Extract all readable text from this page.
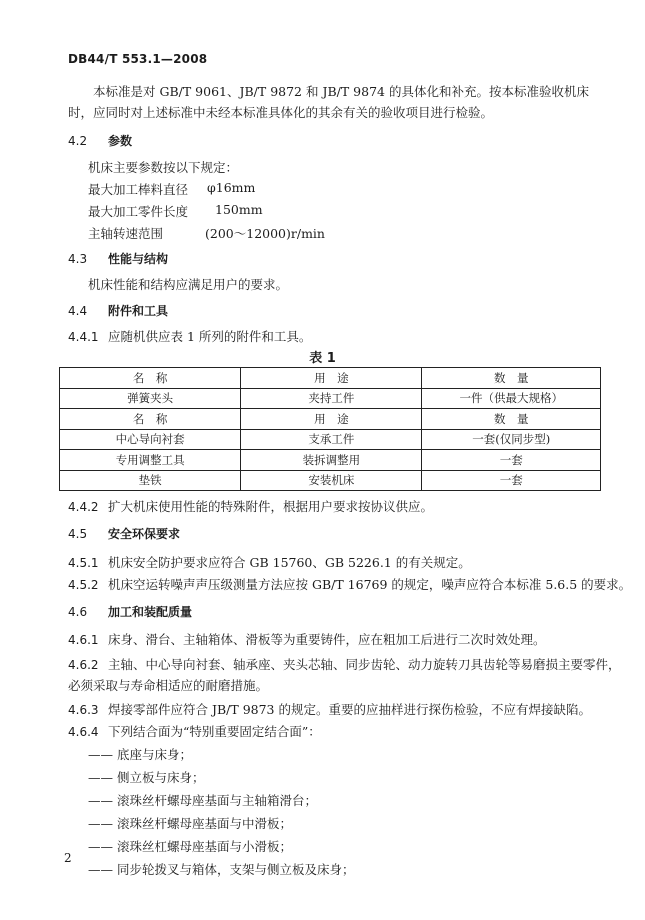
DB44/T 553.1—2008
本标准是对 GB/T 9061、JB/T 9872 和 JB/T 9874 的具体化和补充。按本标准验收机床时，应同时对上述标准中未经本标准具体化的其余有关的验收项目进行检验。
4.2 参数
机床主要参数按以下规定：
最大加工棒料直径 φ16mm
最大加工零件长度 150mm
主轴转速范围	(200～12000)r/min
4.3 性能与结构
机床性能和结构应满足用户的要求。
4.4 附件和工具
4.4.1 应随机供应表 1 所列的附件和工具。
表 1
名　称	用　途	数　量
弹簧夹头	夹持工件	一件（供最大规格）
名　称	用　途	数　量
中心导向衬套	支承工件	一套(仅同步型)
专用调整工具	装拆调整用	一套
垫铁	安装机床	一套
4.4.2 扩大机床使用性能的特殊附件，根据用户要求按协议供应。
4.5 安全环保要求
4.5.1 机床安全防护要求应符合 GB 15760、GB 5226.1 的有关规定。
4.5.2 机床空运转噪声声压级测量方法应按 GB/T 16769 的规定，噪声应符合本标准 5.6.5 的要求。
4.6 加工和装配质量
4.6.1 床身、滑台、主轴箱体、滑板等为重要铸件，应在粗加工后进行二次时效处理。
4.6.2 主轴、中心导向衬套、轴承座、夹头芯轴、同步齿轮、动力旋转刀具齿轮等易磨损主要零件，
必须采取与寿命相适应的耐磨措施。
4.6.3 焊接零部件应符合 JB/T 9873 的规定。重要的应抽样进行探伤检验，不应有焊接缺陷。
4.6.4 下列结合面为“特别重要固定结合面”：
—— 底座与床身；
—— 侧立板与床身；
—— 滚珠丝杆螺母座基面与主轴箱滑台；
—— 滚珠丝杆螺母座基面与中滑板；
—— 滚珠丝杠螺母座基面与小滑板；
—— 同步轮拨叉与箱体，支架与侧立板及床身；
2
